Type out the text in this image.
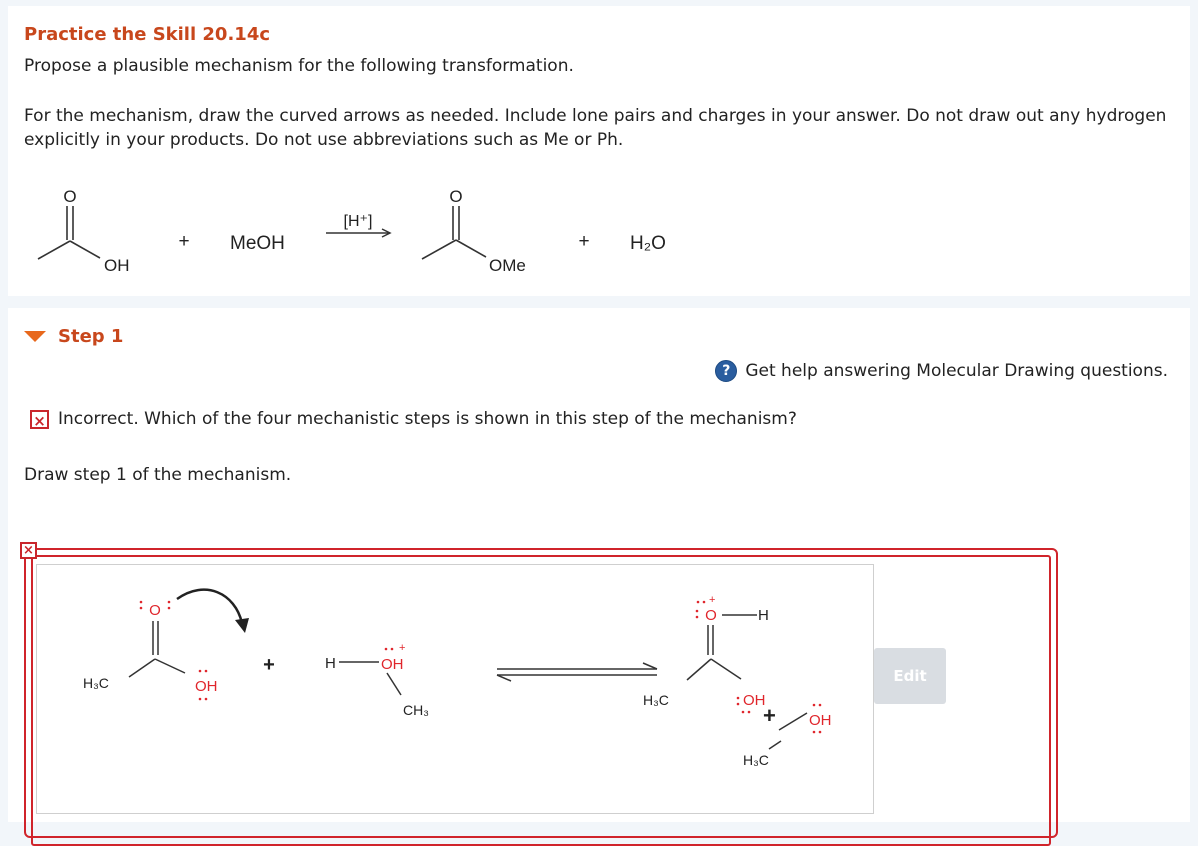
Practice the Skill 20.14c
Propose a plausible mechanism for the following transformation.
For the mechanism, draw the curved arrows as needed. Include lone pairs and charges in your answer. Do not draw out any hydrogen explicitly in your products. Do not use abbreviations such as Me or Ph.
O
OH
+ MeOH
[H⁺]
O
OMe
+ H₂O
Step 1
? Get help answering Molecular Drawing questions.
× Incorrect. Which of the four mechanistic steps is shown in this step of the mechanism?
Draw step 1 of the mechanism.
×
O
H₃C	OH
+	H	OH
+
CH₃
O
+
H
H₃C	OH
+
H₃C
OH
Edit
